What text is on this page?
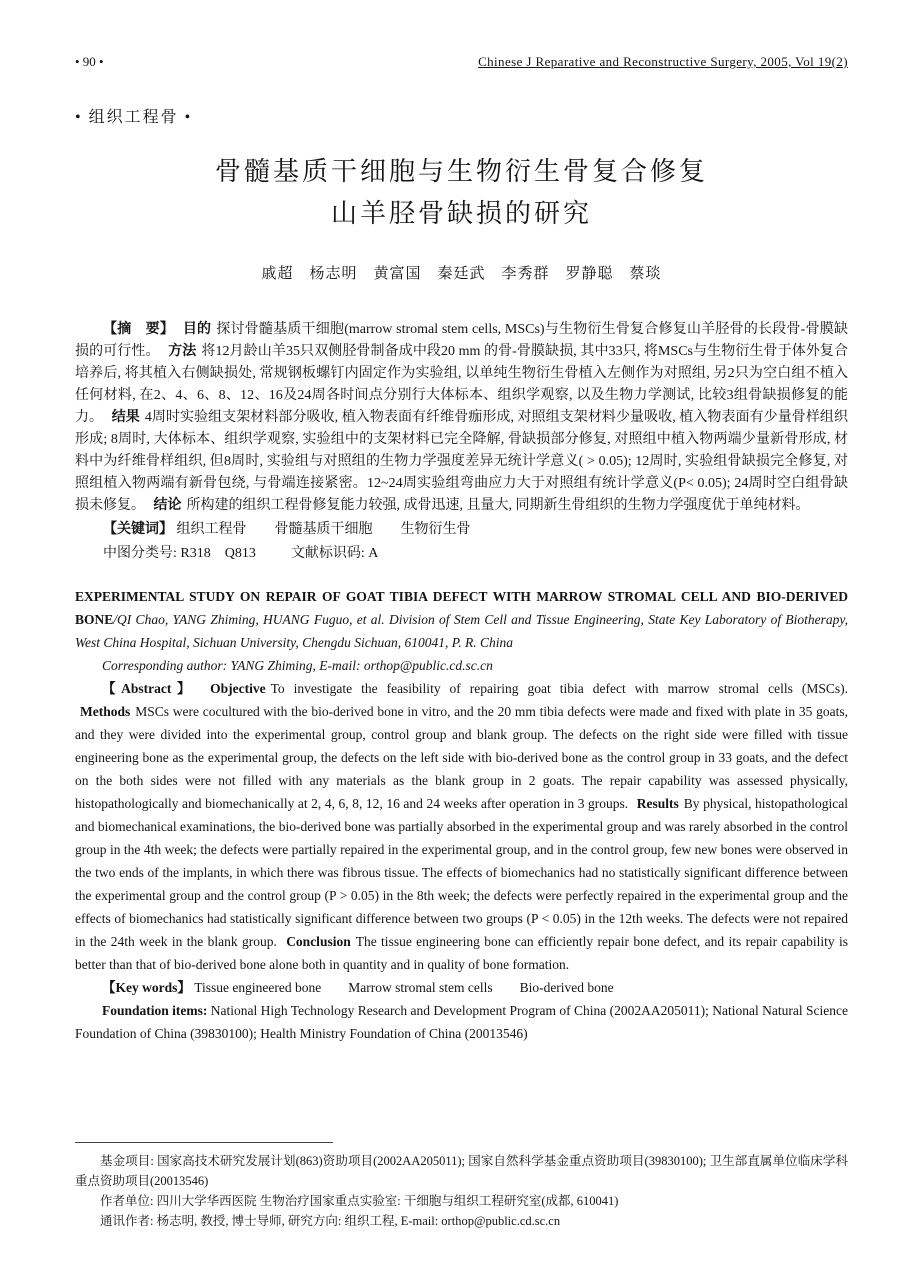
• 90 •	Chinese J Reparative and Reconstructive Surgery, 2005, Vol 19(2)
• 组织工程骨 •
骨髓基质干细胞与生物衍生骨复合修复
山羊胫骨缺损的研究
戚超　杨志明　黄富国　秦廷武　李秀群　罗静聪　蔡琰

【摘　要】 目的 探讨骨髓基质干细胞(marrow stromal stem cells, MSCs)与生物衍生骨复合修复山羊胫骨的长段骨-骨膜缺损的可行性。 方法 将12月龄山羊35只双侧胫骨制备成中段20 mm 的骨-骨膜缺损, 其中33只, 将MSCs与生物衍生骨于体外复合培养后, 将其植入右侧缺损处, 常规钢板螺钉内固定作为实验组, 以单纯生物衍生骨植入左侧作为对照组, 另2只为空白组不植入任何材料, 在2、4、6、8、12、16及24周各时间点分别行大体标本、组织学观察, 以及生物力学测试, 比较3组骨缺损修复的能力。 结果 4周时实验组支架材料部分吸收, 植入物表面有纤维骨痂形成, 对照组支架材料少量吸收, 植入物表面有少量骨样组织形成; 8周时, 大体标本、组织学观察, 实验组中的支架材料已完全降解, 骨缺损部分修复, 对照组中植入物两端少量新骨形成, 材料中为纤维骨样组织, 但8周时, 实验组与对照组的生物力学强度差异无统计学意义( > 0.05); 12周时, 实验组骨缺损完全修复, 对照组植入物两端有新骨包绕, 与骨端连接紧密。12~24周实验组弯曲应力大于对照组有统计学意义(P< 0.05); 24周时空白组骨缺损未修复。 结论 所构建的组织工程骨修复能力较强, 成骨迅速, 且量大, 同期新生骨组织的生物力学强度优于单纯材料。

【关键词】 组织工程骨　　骨髓基质干细胞　　生物衍生骨

中图分类号: R318　Q813	文献标识码: A

EXPERIMENTAL STUDY ON REPAIR OF GOAT TIBIA DEFECT WITH MARROW STROMAL CELL AND BIO-DERIVED BONE/QI Chao, YANG Zhiming, HUANG Fuguo, et al. Division of Stem Cell and Tissue Engineering, State Key Laboratory of Biotherapy, West China Hospital, Sichuan University, Chengdu Sichuan, 610041, P. R. China

Corresponding author: YANG Zhiming, E-mail: orthop@public.cd.sc.cn

【Abstract】 Objective To investigate the feasibility of repairing goat tibia defect with marrow stromal cells (MSCs). Methods MSCs were cocultured with the bio-derived bone in vitro, and the 20 mm tibia defects were made and fixed with plate in 35 goats, and they were divided into the experimental group, control group and blank group. The defects on the right side were filled with tissue engineering bone as the experimental group, the defects on the left side with bio-derived bone as the control group in 33 goats, and the defect on the both sides were not filled with any materials as the blank group in 2 goats. The repair capability was assessed physically, histopathologically and biomechanically at 2, 4, 6, 8, 12, 16 and 24 weeks after operation in 3 groups. Results By physical, histopathological and biomechanical examinations, the bio-derived bone was partially absorbed in the experimental group and was rarely absorbed in the control group in the 4th week; the defects were partially repaired in the experimental group, and in the control group, few new bones were observed in the two ends of the implants, in which there was fibrous tissue. The effects of biomechanics had no statistically significant difference between the experimental group and the control group (P > 0.05) in the 8th week; the defects were perfectly repaired in the experimental group and the effects of biomechanics had statistically significant difference between two groups (P < 0.05) in the 12th weeks. The defects were not repaired in the 24th week in the blank group. Conclusion The tissue engineering bone can efficiently repair bone defect, and its repair capability is better than that of bio-derived bone alone both in quantity and in quality of bone formation.

【Key words】 Tissue engineered bone　　Marrow stromal stem cells　　Bio-derived bone

Foundation items: National High Technology Research and Development Program of China (2002AA205011); National Natural Science Foundation of China (39830100); Health Ministry Foundation of China (20013546)

基金项目: 国家高技术研究发展计划(863)资助项目(2002AA205011); 国家自然科学基金重点资助项目(39830100); 卫生部直属单位临床学科重点资助项目(20013546)

作者单位: 四川大学华西医院 生物治疗国家重点实验室: 干细胞与组织工程研究室(成都, 610041)

通讯作者: 杨志明, 教授, 博士导师, 研究方向: 组织工程, E-mail: orthop@public.cd.sc.cn
